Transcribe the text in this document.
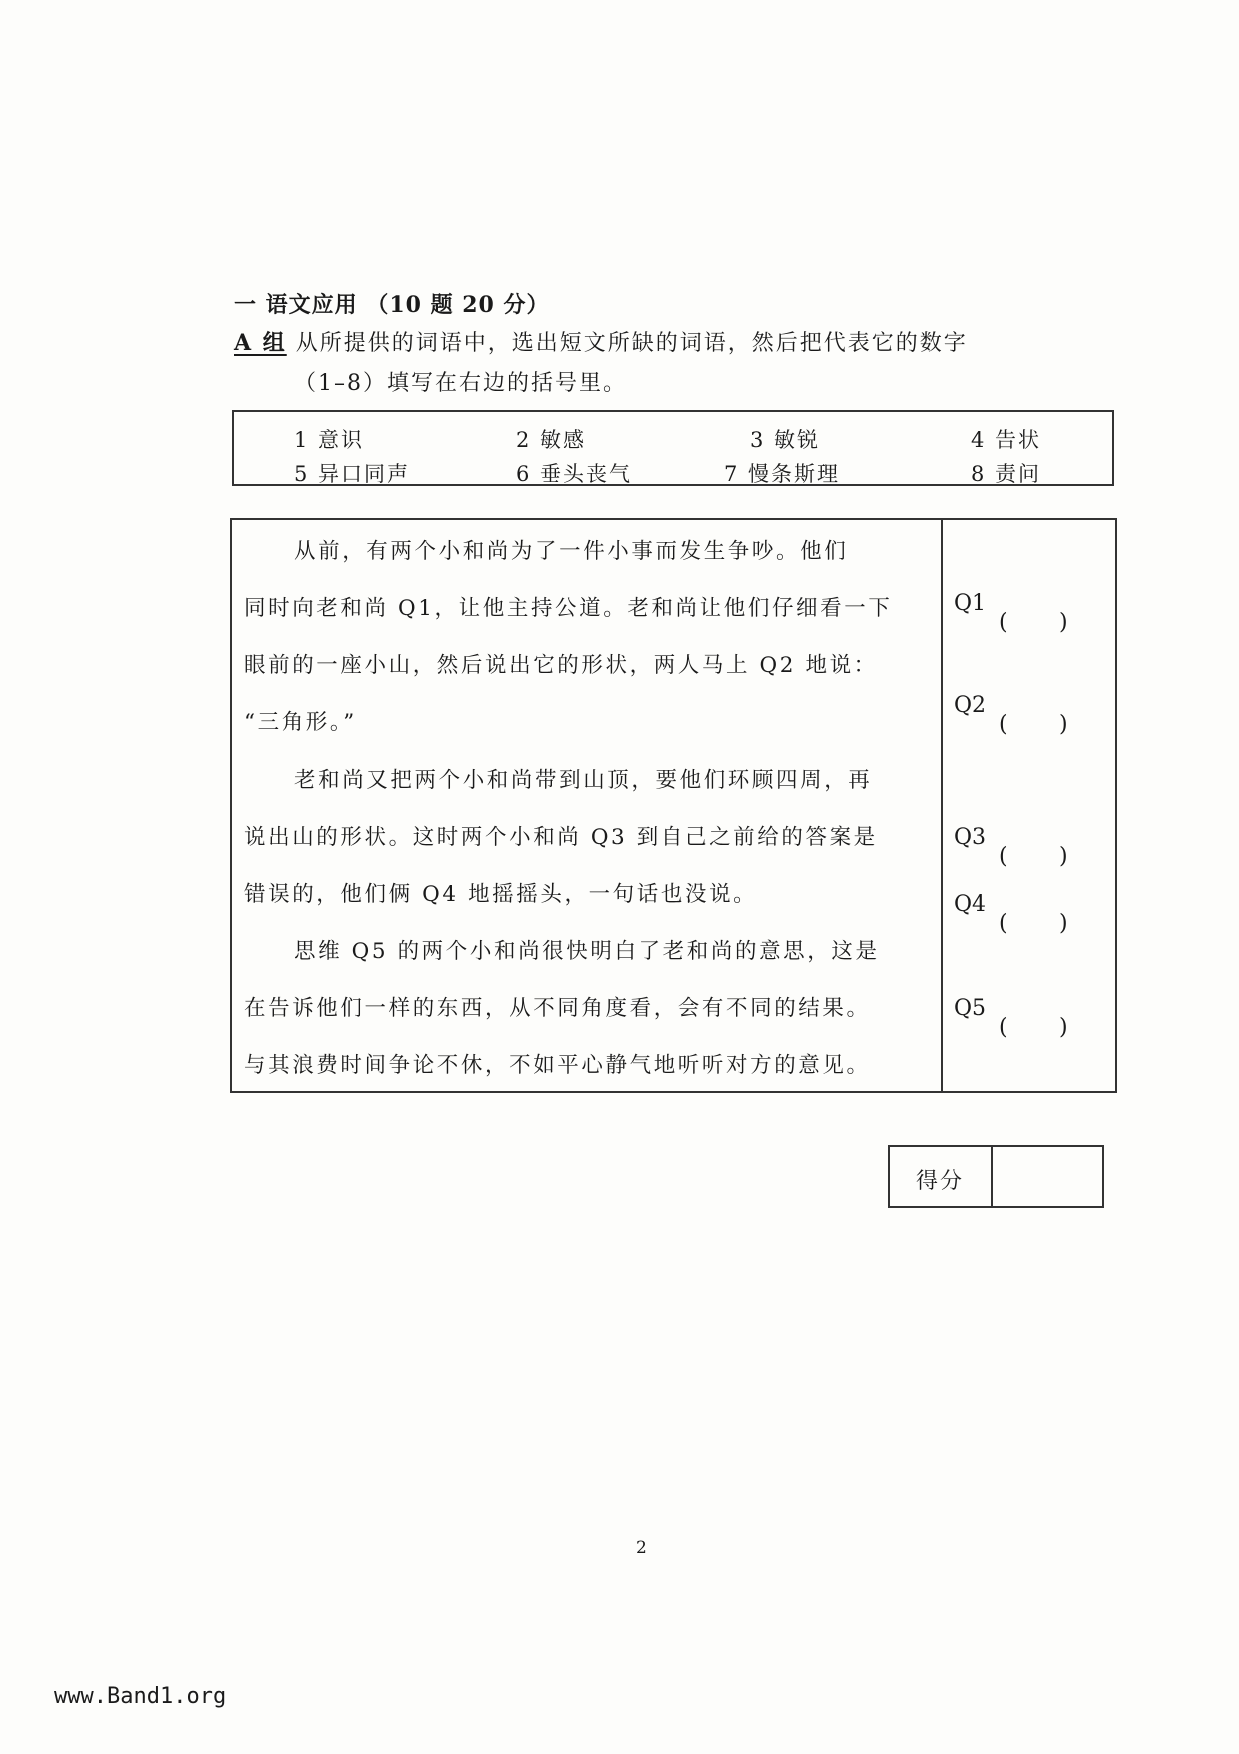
一 语文应用 （10 题 20 分）
A 组 从所提供的词语中，选出短文所缺的词语，然后把代表它的数字
（1–8）填写在右边的括号里。
1 意识	2 敏感	3 敏锐	4 告状
5 异口同声	6 垂头丧气	7 慢条斯理	8 责问
从前，有两个小和尚为了一件小事而发生争吵。他们
同时向老和尚 Q1，让他主持公道。老和尚让他们仔细看一下
眼前的一座小山，然后说出它的形状，两人马上 Q2 地说：
“三角形。”
老和尚又把两个小和尚带到山顶，要他们环顾四周，再
说出山的形状。这时两个小和尚 Q3 到自己之前给的答案是
错误的，他们俩 Q4 地摇摇头，一句话也没说。
思维 Q5 的两个小和尚很快明白了老和尚的意思，这是
在告诉他们一样的东西，从不同角度看，会有不同的结果。
与其浪费时间争论不休，不如平心静气地听听对方的意见。
Q1
( )
Q2
( )
Q3
( )
Q4
( )
Q5
( )
得分
2
www.Band1.org
